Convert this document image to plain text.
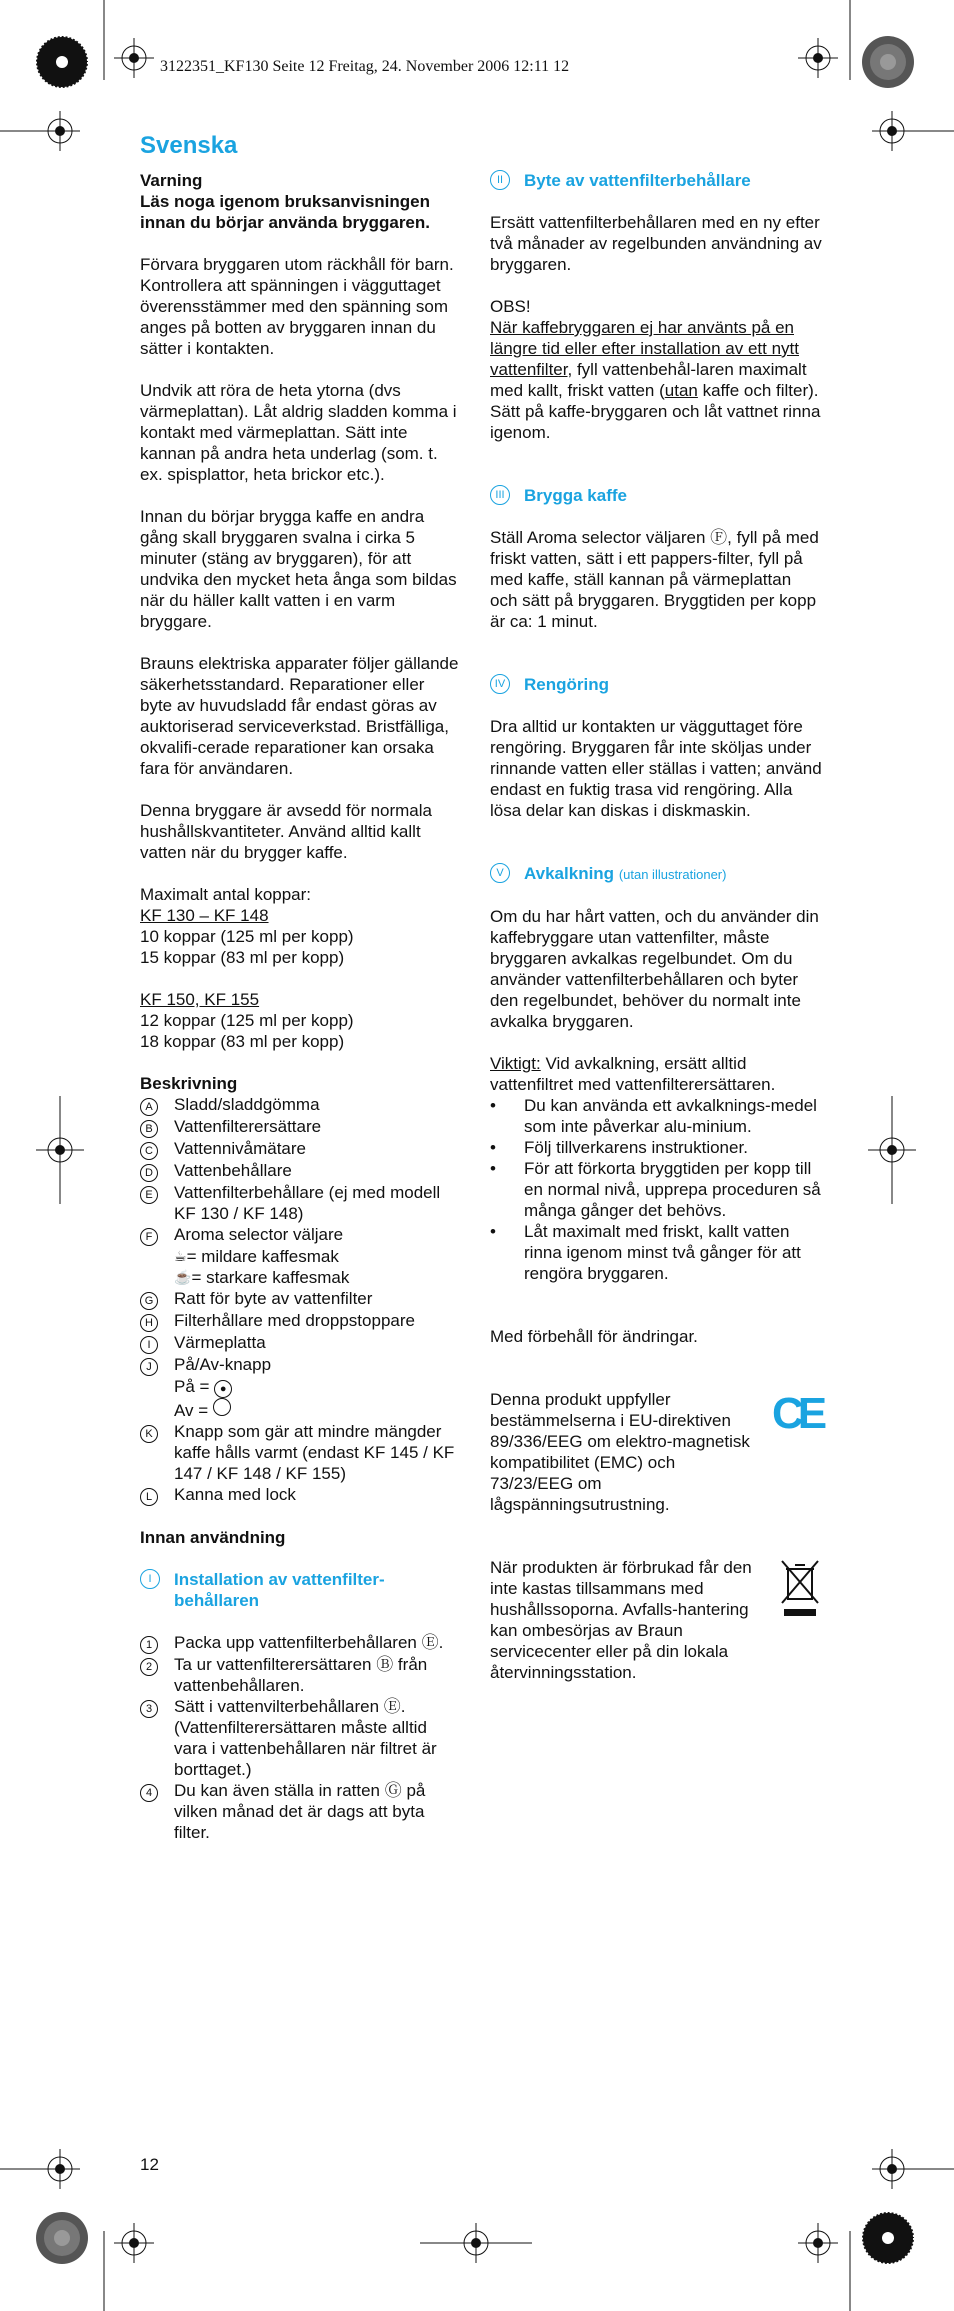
3122351_KF130 Seite 12 Freitag, 24. November 2006 12:11 12
Svenska
Varning
Läs noga igenom bruksanvisningen innan du börjar använda bryggaren.
Förvara bryggaren utom räckhåll för barn. Kontrollera att spänningen i vägguttaget överensstämmer med den spänning som anges på botten av bryggaren innan du sätter i kontakten.
Undvik att röra de heta ytorna (dvs värmeplattan). Låt aldrig sladden komma i kontakt med värmeplattan. Sätt inte kannan på andra heta underlag (som. t. ex. spisplattor, heta brickor etc.).
Innan du börjar brygga kaffe en andra gång skall bryggaren svalna i cirka 5 minuter (stäng av bryggaren), för att undvika den mycket heta ånga som bildas när du häller kallt vatten i en varm bryggare.
Brauns elektriska apparater följer gällande säkerhetsstandard. Reparationer eller byte av huvudsladd får endast göras av auktoriserad serviceverkstad. Bristfälliga, okvalifi-cerade reparationer kan orsaka fara för användaren.
Denna bryggare är avsedd för normala hushållskvantiteter. Använd alltid kallt vatten när du brygger kaffe.
Maximalt antal koppar:
KF 130 – KF 148
10 koppar (125 ml per kopp)
15 koppar (83 ml per kopp)
KF 150, KF 155
12 koppar (125 ml per kopp)
18 koppar (83 ml per kopp)
Beskrivning
A	Sladd/sladdgömma
B	Vattenfilterersättare
C	Vattennivåmätare
D	Vattenbehållare
E	Vattenfilterbehållare (ej med modell KF 130 / KF 148)
F	Aroma selector väljare
☕︎ = mildare kaffesmak
☕ = starkare kaffesmak
G	Ratt för byte av vattenfilter
H	Filterhållare med droppstoppare
I	Värmeplatta
J	På/Av-knapp
På = ●
Av =
K	Knapp som gär att mindre mängder kaffe hålls varmt (endast KF 145 / KF 147 / KF 148 / KF 155)
L	Kanna med lock
Innan användning
I	Installation av vattenfilter-behållaren
1	Packa upp vattenfilterbehållaren Ⓔ.
2	Ta ur vattenfilterersättaren Ⓑ från vattenbehållaren.
3	Sätt i vattenvilterbehållaren Ⓔ. (Vattenfilterersättaren måste alltid vara i vattenbehållaren när filtret är borttaget.)
4	Du kan även ställa in ratten Ⓖ på vilken månad det är dags att byta filter.
II	Byte av vattenfilterbehållare
Ersätt vattenfilterbehållaren med en ny efter två månader av regelbunden användning av bryggaren.
OBS!
När kaffebryggaren ej har använts på en längre tid eller efter installation av ett nytt vattenfilter, fyll vattenbehål-laren maximalt med kallt, friskt vatten (utan kaffe och filter). Sätt på kaffe-bryggaren och låt vattnet rinna igenom.
III	Brygga kaffe
Ställ Aroma selector väljaren Ⓕ, fyll på med friskt vatten, sätt i ett pappers-filter, fyll på med kaffe, ställ kannan på värmeplattan och sätt på bryggaren. Bryggtiden per kopp är ca: 1 minut.
IV Rengöring
Dra alltid ur kontakten ur vägguttaget före rengöring. Bryggaren får inte sköljas under rinnande vatten eller ställas i vatten; använd endast en fuktig trasa vid rengöring. Alla lösa delar kan diskas i diskmaskin.
V	Avkalkning (utan illustrationer)
Om du har hårt vatten, och du använder din kaffebryggare utan vattenfilter, måste bryggaren avkalkas regelbundet. Om du använder vattenfilterbehållaren och byter den regelbundet, behöver du normalt inte avkalka bryggaren.
Viktigt: Vid avkalkning, ersätt alltid vattenfiltret med vattenfilterersättaren.
•	Du kan använda ett avkalknings-medel som inte påverkar alu-minium.
•	Följ tillverkarens instruktioner.
•	För att förkorta bryggtiden per kopp till en normal nivå, upprepa proceduren så många gånger det behövs.
•	Låt maximalt med friskt, kallt vatten rinna igenom minst två gånger för att rengöra bryggaren.
Med förbehåll för ändringar.
Denna produkt uppfyller bestämmelserna i EU-direktiven 89/336/EEG om elektro-magnetisk kompatibilitet (EMC) och 73/23/EEG om lågspänningsutrustning.
CE
När produkten är förbrukad får den inte kastas tillsammans med hushållssoporna. Avfalls-hantering kan ombesörjas av Braun servicecenter eller på din lokala återvinningsstation.
12
